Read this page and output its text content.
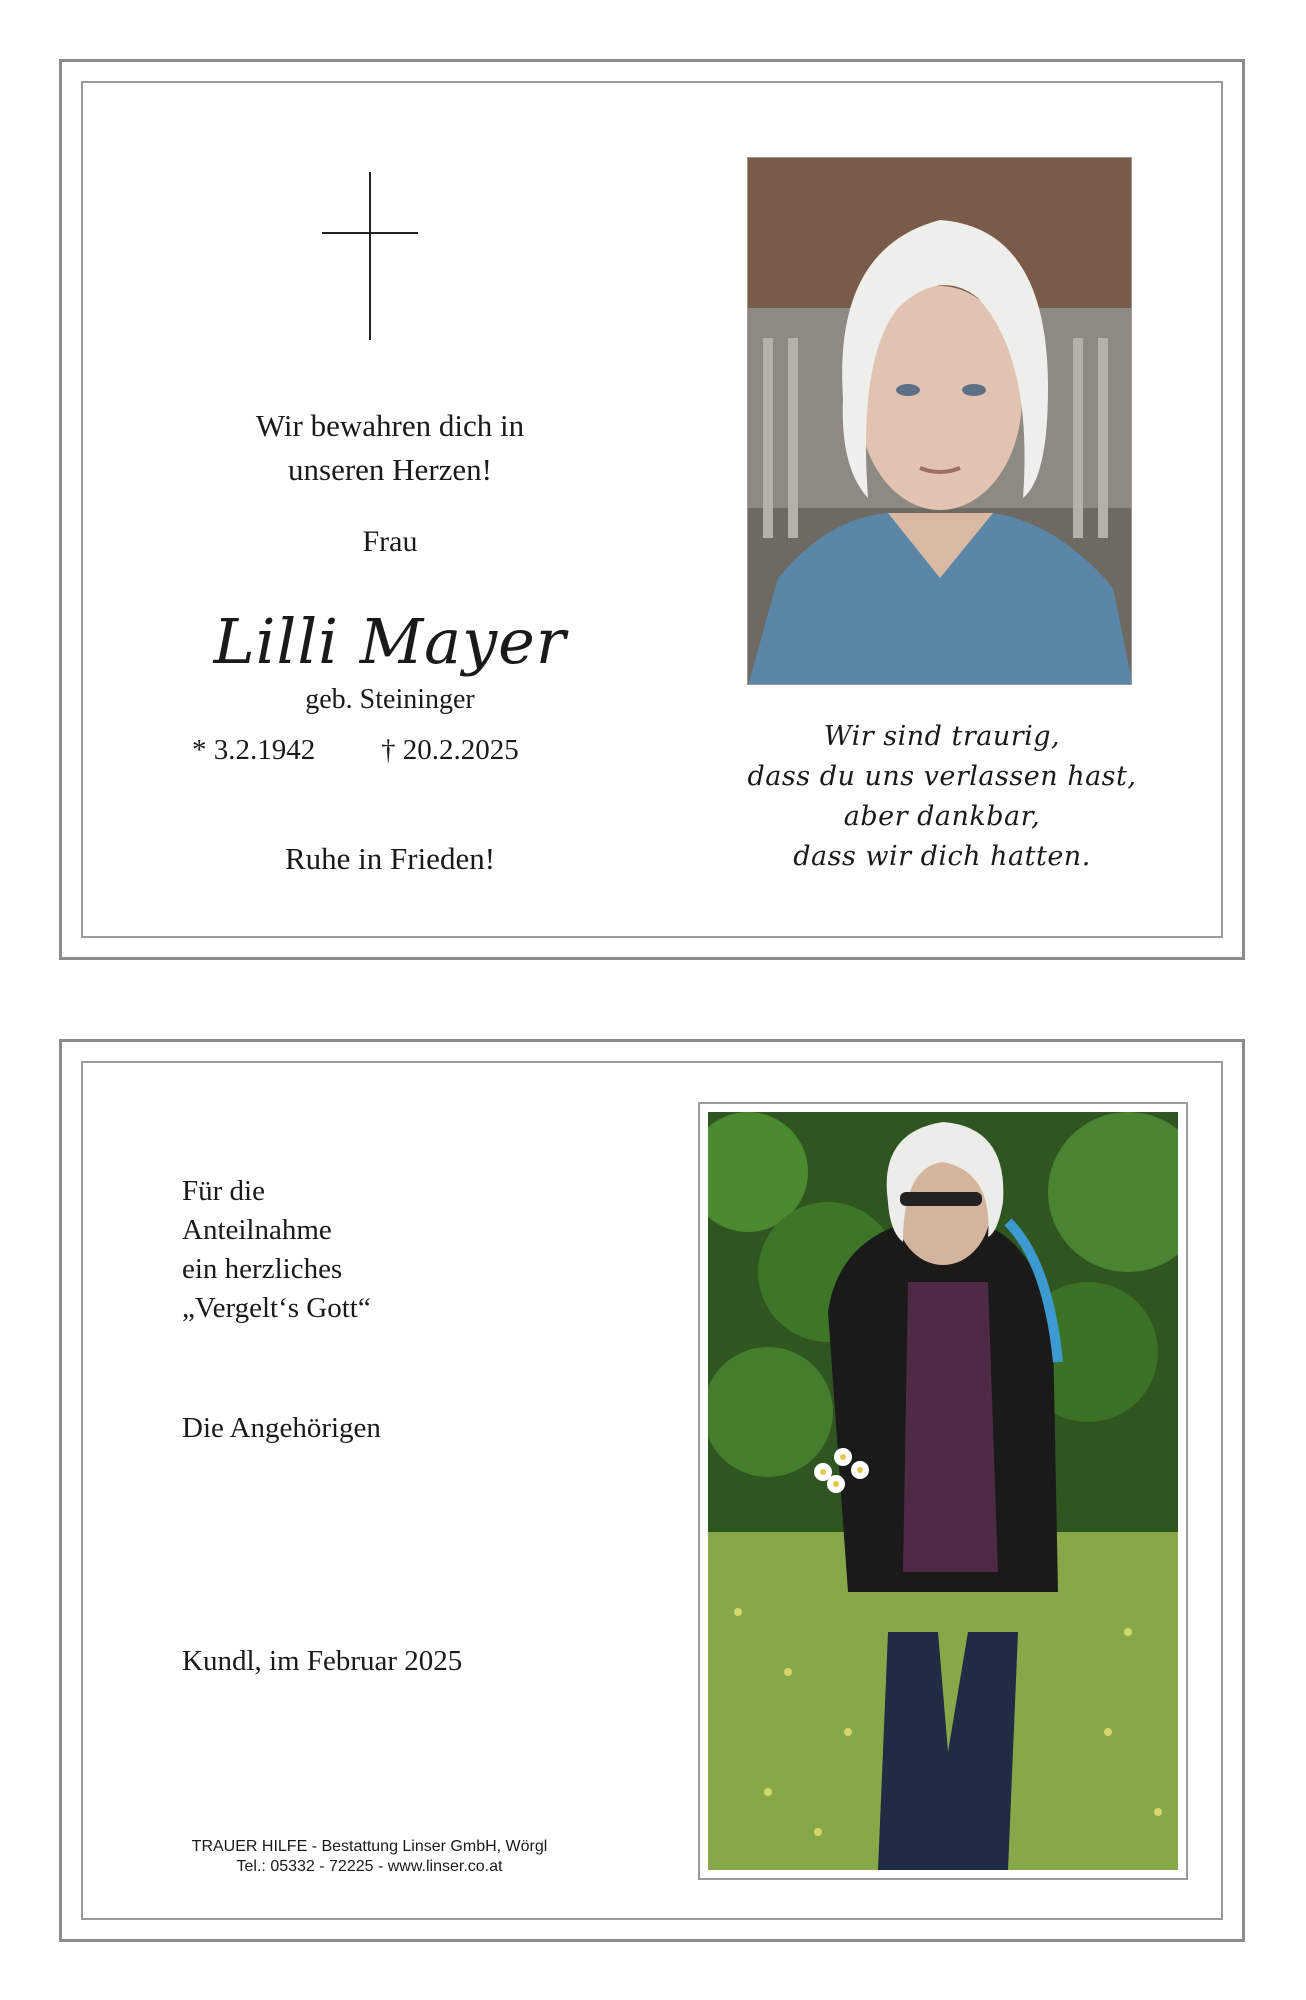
Wir bewahren dich in
unseren Herzen!
Frau
Lilli Mayer
geb. Steininger
* 3.2.1942 † 20.2.2025
Ruhe in Frieden!
Wir sind traurig,
dass du uns verlassen hast,
aber dankbar,
dass wir dich hatten.
Für die
Anteilnahme
ein herzliches
„Vergelt‘s Gott“
Die Angehörigen
Kundl, im Februar 2025
TRAUER HILFE - Bestattung Linser GmbH, Wörgl
Tel.: 05332 - 72225 - www.linser.co.at
